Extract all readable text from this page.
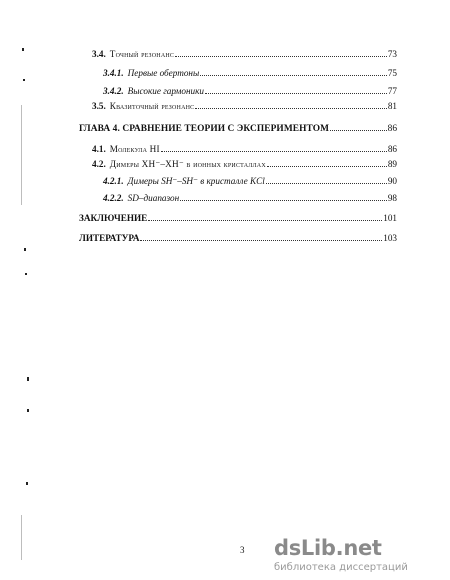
3.4. Точный резонанс	73
3.4.1. Первые обертоны	75
3.4.2. Высокие гармоники	77
3.5. Квазиточный резонанс	81
ГЛАВА 4. СРАВНЕНИЕ ТЕОРИИ С ЭКСПЕРИМЕНТОМ	86
4.1. Молекула HI	86
4.2. Димеры XH⁻–XH⁻ в ионных кристаллах	89
4.2.1. Димеры SH⁻–SH⁻ в кристалле KCl	90
4.2.2. SD–диапазон	98
ЗАКЛЮЧЕНИЕ	101
ЛИТЕРАТУРА	103
3 dsLib.net
библиотека диссертаций
